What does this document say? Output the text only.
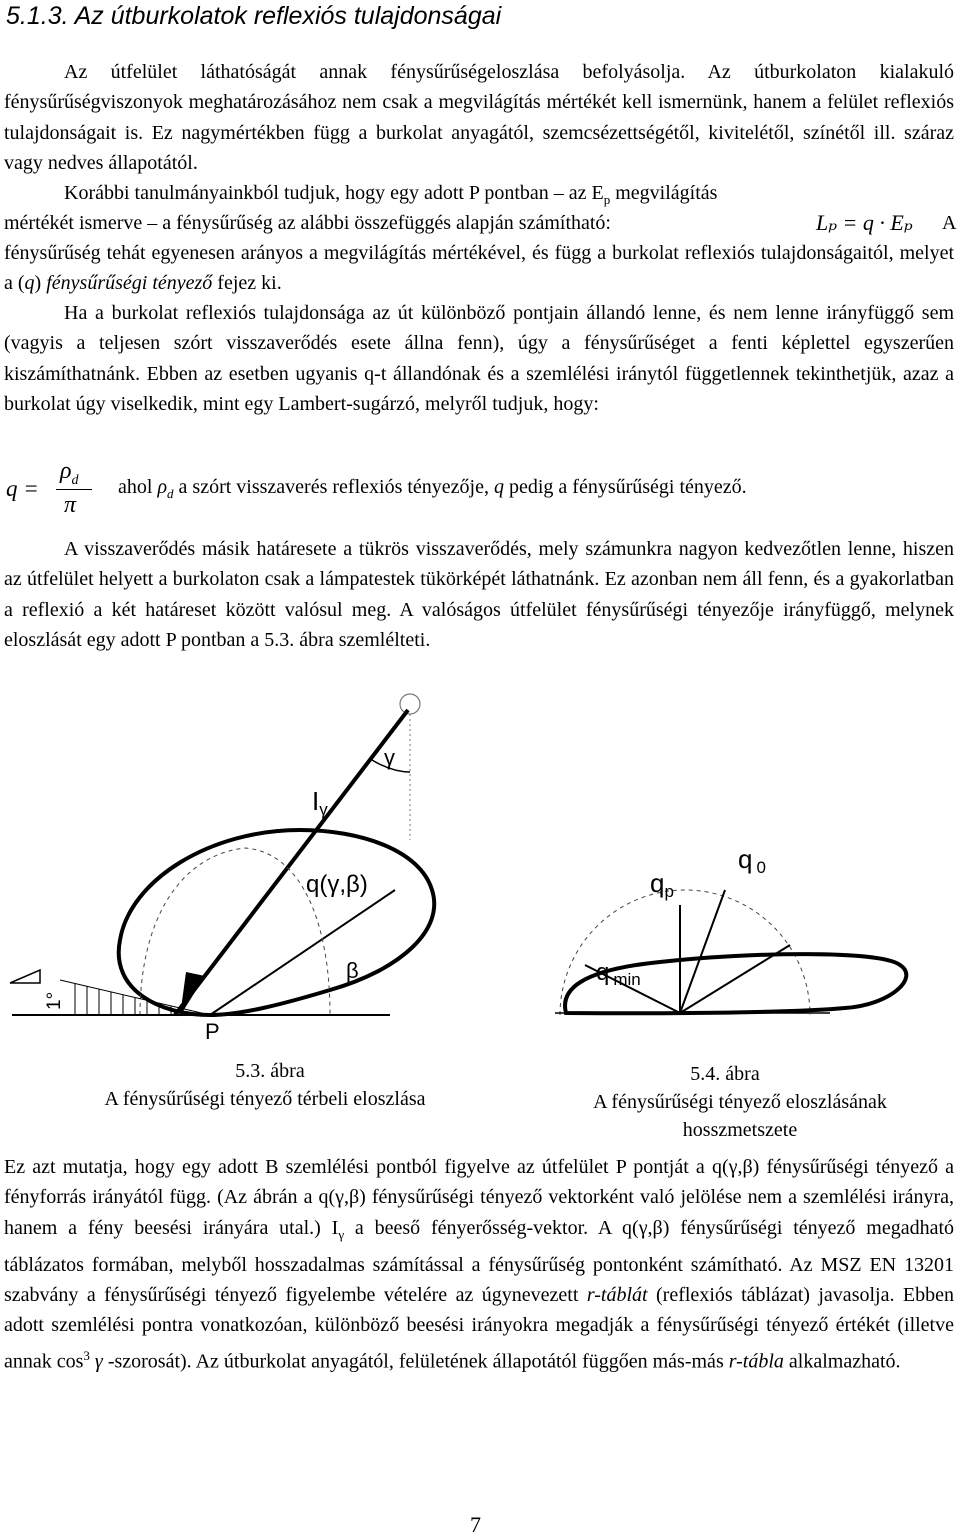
5.1.3. Az útburkolatok reflexiós tulajdonságai

Az útfelület láthatóságát annak fénysűrűségeloszlása befolyásolja. Az útburkolaton kialakuló fénysűrűségviszonyok meghatározásához nem csak a megvilágítás mértékét kell ismernünk, hanem a felület reflexiós tulajdonságait is. Ez nagymértékben függ a burkolat anyagától, szemcsézettségétől, kivitelétől, színétől ill. száraz vagy nedves állapotától.

Korábbi tanulmányainkból tudjuk, hogy egy adott P pontban – az $E_p$ megvilágítás
mértékét ismerve – a fénysűrűség az alábbi összefüggés alapján számítható:	Lₚ = q · Eₚ A

fénysűrűség tehát egyenesen arányos a megvilágítás mértékével, és függ a burkolat reflexiós tulajdonságaitól, melyet a (q) fénysűrűségi tényező fejez ki.

Ha a burkolat reflexiós tulajdonsága az út különböző pontjain állandó lenne, és nem lenne irányfüggő sem (vagyis a teljesen szórt visszaverődés esete állna fenn), úgy a fénysűrűséget a fenti képlettel egyszerűen kiszámíthatnánk. Ebben az esetben ugyanis q-t állandónak és a szemlélési iránytól függetlennek tekinthetjük, azaz a burkolat úgy viselkedik, mint egy Lambert-sugárzó, melyről tudjuk, hogy:

q =
$\rho_d$
π
ahol $\rho_d$ a szórt visszaverés reflexiós tényezője, q pedig a fénysűrűségi tényező.

A visszaverődés másik határesete a tükrös visszaverődés, mely számunkra nagyon kedvezőtlen lenne, hiszen az útfelület helyett a burkolaton csak a lámpatestek tükörképét láthatnánk. Ez azonban nem áll fenn, és a gyakorlatban a reflexió a két határeset között valósul meg. A valóságos útfelület fénysűrűségi tényezője irányfüggő, melynek eloszlását egy adott P pontban a 5.3. ábra szemlélteti.

1°
Iγ
γ
q(γ,β)
β
P
5.3. ábra
A fénysűrűségi tényező térbeli eloszlása
q 0
qp
q $_{min}$
5.4. ábra
A fénysűrűségi tényező eloszlásának
hosszmetszete

Ez azt mutatja, hogy egy adott B szemlélési pontból figyelve az útfelület P pontját a q(γ,β) fénysűrűségi tényező a fényforrás irányától függ. (Az ábrán a q(γ,β) fénysűrűségi tényező vektorként való jelölése nem a szemlélési irányra, hanem a fény beesési irányára utal.) $I_\gamma$ a beeső fényerősség-vektor. A q(γ,β) fénysűrűségi tényező megadható táblázatos formában, melyből hosszadalmas számítással a fénysűrűség pontonként számítható. Az MSZ EN 13201 szabvány a fénysűrűségi tényező figyelembe vételére az úgynevezett r-táblát (reflexiós táblázat) javasolja. Ebben adott szemlélési pontra vonatkozóan, különböző beesési irányokra megadják a fénysűrűségi tényező értékét (illetve annak $\cos^3 \gamma$ -szorosát). Az útburkolat anyagától, felületének állapotától függően más-más r-tábla alkalmazható.

7
